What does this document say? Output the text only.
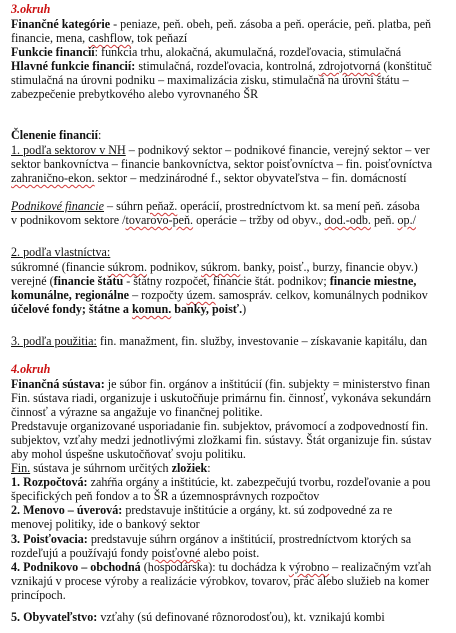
3.okruh
Finančné kategórie - peniaze, peň. obeh, peň. zásoba a peň. operácie, peň. platba, peň
financie, mena, cashflow, tok peňazí
Funkcie financií: funkcia trhu, alokačná, akumulačná, rozdeľovacia, stimulačná
Hlavné funkcie financií: stimulačná, rozdeľovacia, kontrolná, zdrojotvorná (konštituč
stimulačná na úrovni podniku – maximalizácia zisku, stimulačná na úrovni štátu –
zabezpečenie prebytkového alebo vyrovnaného ŠR
Členenie financií:
1. podľa sektorov v NH – podnikový sektor – podnikové financie, verejný sektor – ver
sektor bankovníctva – financie bankovníctva, sektor poisťovníctva – fin. poisťovníctva
zahranično-ekon. sektor – medzinárodné f., sektor obyvateľstva – fin. domácností
Podnikové financie – súhrn peňaž. operácií, prostredníctvom kt. sa mení peň. zásoba
v podnikovom sektore /tovarovo-peň. operácie – tržby od obyv., dod.-odb. peň. op./
2. podľa vlastníctva:
súkromné (financie súkrom. podnikov, súkrom. banky, poisť., burzy, financie obyv.)
verejné (financie štátu - štátny rozpočet, financie štát. podnikov; financie miestne,
komunálne, regionálne – rozpočty územ. samospráv. celkov, komunálnych podnikov
účelové fondy; štátne a komun. banky, poisť.)
3. podľa použitia: fin. manažment, fin. služby, investovanie – získavanie kapitálu, dan
4.okruh
Finančná sústava: je súbor fin. orgánov a inštitúcií (fin. subjekty = ministerstvo finan
Fin. sústava riadi, organizuje i uskutočňuje primárnu fin. činnosť, vykonáva sekundárn
činnosť a výrazne sa angažuje vo finančnej politike.
Predstavuje organizované usporiadanie fin. subjektov, právomocí a zodpovedností fin.
subjektov, vzťahy medzi jednotlivými zložkami fin. sústavy. Štát organizuje fin. sústav
aby mohol úspešne uskutočňovať svoju politiku.
Fin. sústava je súhrnom určitých zložiek:
1. Rozpočtová: zahŕňa orgány a inštitúcie, kt. zabezpečujú tvorbu, rozdeľovanie a pou
špecifických peň fondov a to ŠR a územnosprávnych rozpočtov
2. Menovo – úverová: predstavuje inštitúcie a orgány, kt. sú zodpovedné za re
menovej politiky, ide o bankový sektor
3. Poisťovacia: predstavuje súhrn orgánov a inštitúcií, prostredníctvom ktorých sa
rozdeľujú a používajú fondy poisťovné alebo poist.
4. Podnikovo – obchodná (hospodárska): tu dochádza k výrobno – realizačným vzťah
vznikajú v procese výroby a realizácie výrobkov, tovarov, prác alebo služieb na komer
princípoch.
5. Obyvateľstvo: vzťahy (sú definované rôznorodosťou), kt. vznikajú kombi
